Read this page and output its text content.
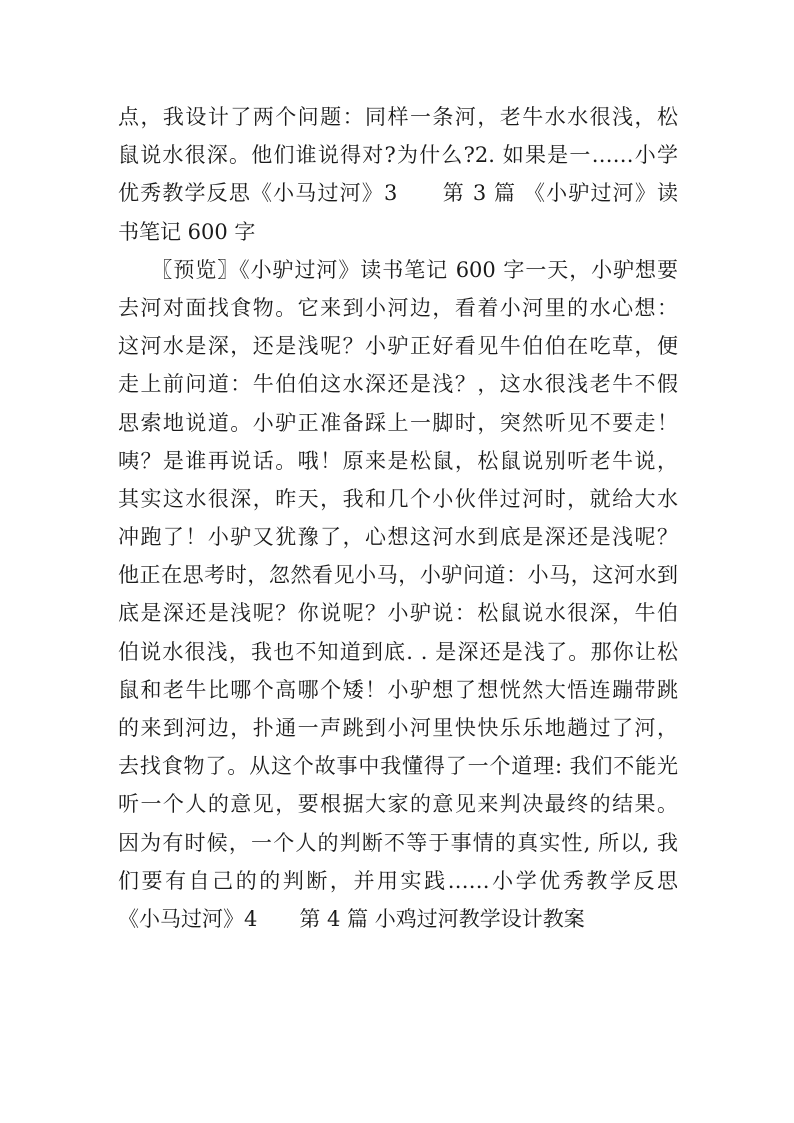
点，我设计了两个问题：同样一条河，老牛水水很浅，松
鼠说水很深。他们谁说得对?为什么?2. 如果是一……小学
优秀教学反思《小马过河》3　　第 3 篇 《小驴过河》读
书笔记 600 字
　　〖预览〗《小驴过河》读书笔记 600 字一天，小驴想要
去河对面找食物。它来到小河边，看着小河里的水心想：
这河水是深，还是浅呢？小驴正好看见牛伯伯在吃草，便
走上前问道：牛伯伯这水深还是浅？，这水很浅老牛不假
思索地说道。小驴正准备踩上一脚时，突然听见不要走！
咦？是谁再说话。哦！原来是松鼠，松鼠说别听老牛说，
其实这水很深，昨天，我和几个小伙伴过河时，就给大水
冲跑了！小驴又犹豫了，心想这河水到底是深还是浅呢？
他正在思考时，忽然看见小马，小驴问道：小马，这河水到
底是深还是浅呢？你说呢？小驴说：松鼠说水很深，牛伯
伯说水很浅，我也不知道到底. . 是深还是浅了。那你让松
鼠和老牛比哪个高哪个矮！小驴想了想恍然大悟连蹦带跳
的来到河边，扑通一声跳到小河里快快乐乐地趟过了河，
去找食物了。从这个故事中我懂得了一个道理: 我们不能光
听一个人的意见，要根据大家的意见来判决最终的结果。
因为有时候，一个人的判断不等于事情的真实性, 所以, 我
们要有自己的的判断，并用实践……小学优秀教学反思
《小马过河》4　　第 4 篇 小鸡过河教学设计教案
